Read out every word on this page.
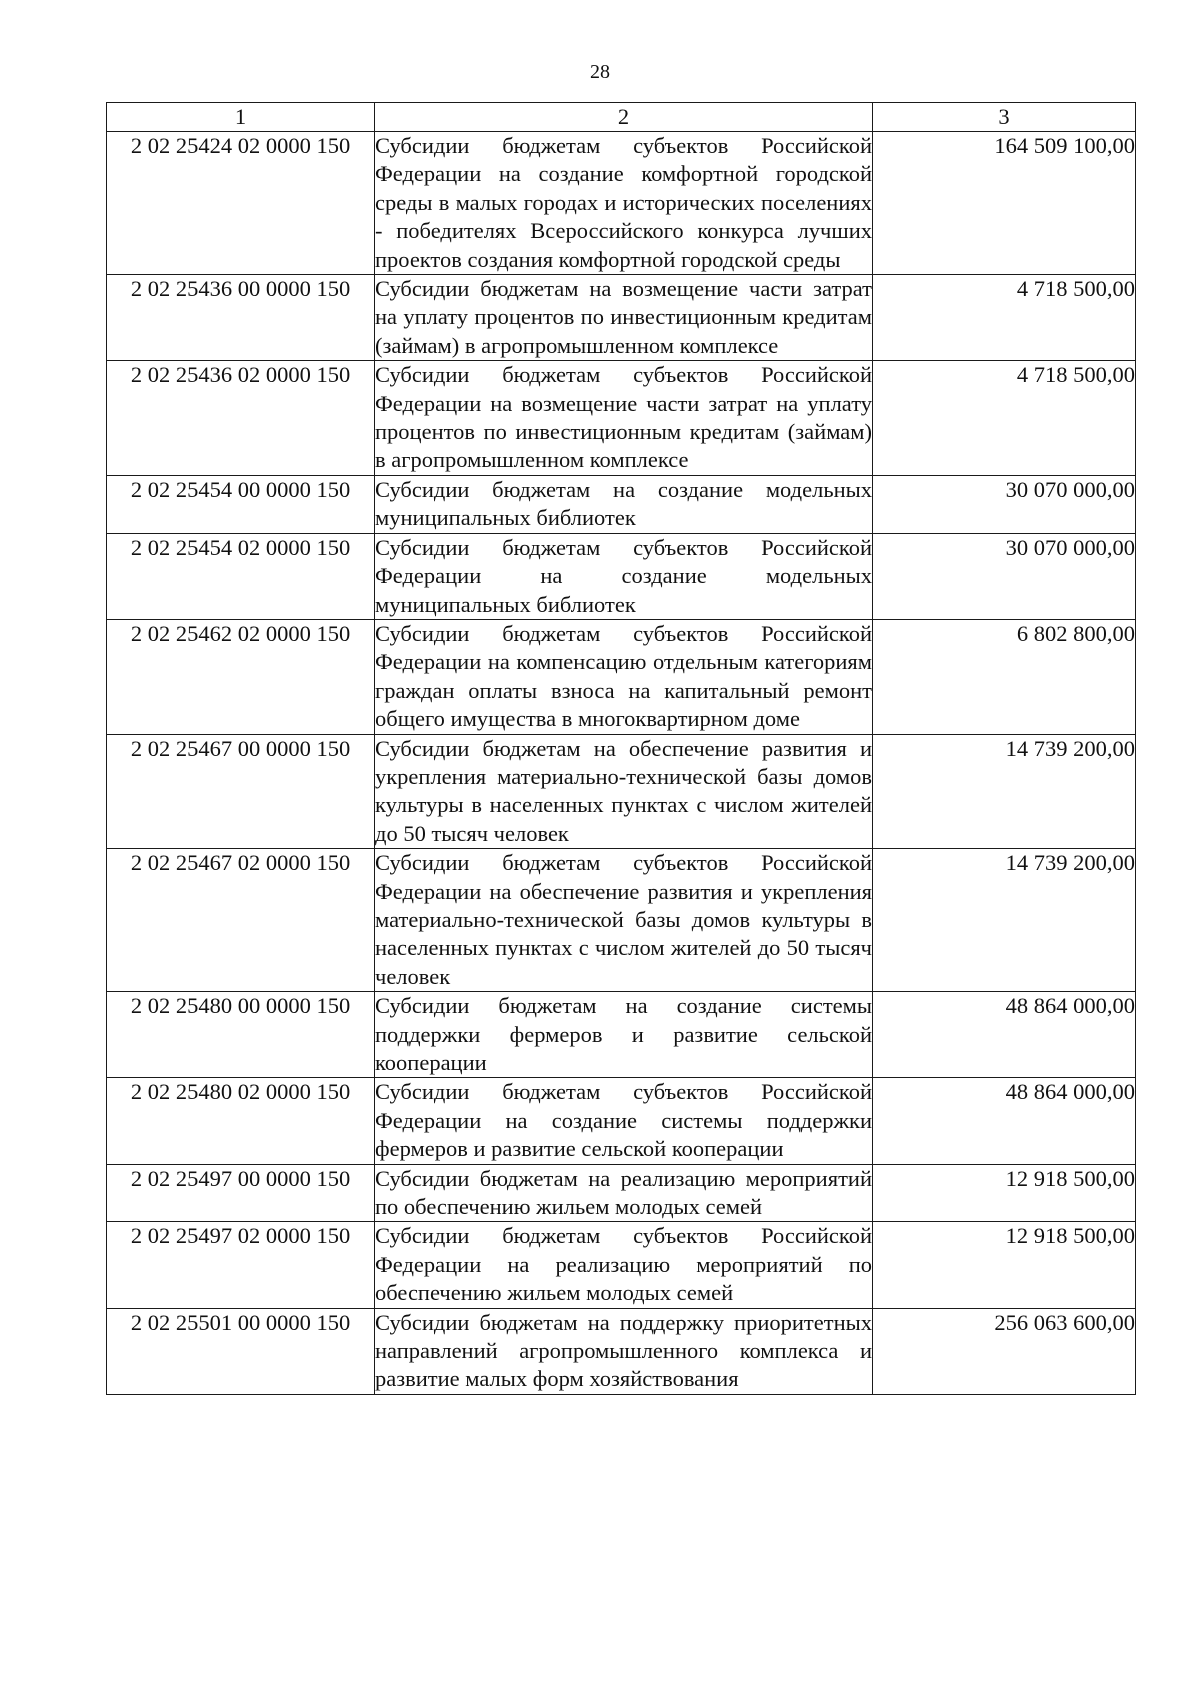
28
1	2	3
2 02 25424 02 0000 150	Субсидии бюджетам субъектов Российской Федерации на создание комфортной городской среды в малых городах и исторических поселениях - победителях Всероссийского конкурса лучших проектов создания комфортной городской среды	164 509 100,00
2 02 25436 00 0000 150	Субсидии бюджетам на возмещение части затрат на уплату процентов по инвестиционным кредитам (займам) в агропромышленном комплексе	4 718 500,00
2 02 25436 02 0000 150	Субсидии бюджетам субъектов Российской Федерации на возмещение части затрат на уплату процентов по инвестиционным кредитам (займам) в агропромышленном комплексе	4 718 500,00
2 02 25454 00 0000 150	Субсидии бюджетам на создание модельных муниципальных библиотек	30 070 000,00
2 02 25454 02 0000 150	Субсидии бюджетам субъектов Российской Федерации на создание модельных муниципальных библиотек	30 070 000,00
2 02 25462 02 0000 150	Субсидии бюджетам субъектов Российской Федерации на компенсацию отдельным категориям граждан оплаты взноса на капитальный ремонт общего имущества в многоквартирном доме	6 802 800,00
2 02 25467 00 0000 150	Субсидии бюджетам на обеспечение развития и укрепления материально-технической базы домов культуры в населенных пунктах с числом жителей до 50 тысяч человек	14 739 200,00
2 02 25467 02 0000 150	Субсидии бюджетам субъектов Российской Федерации на обеспечение развития и укрепления материально-технической базы домов культуры в населенных пунктах с числом жителей до 50 тысяч человек	14 739 200,00
2 02 25480 00 0000 150	Субсидии бюджетам на создание системы поддержки фермеров и развитие сельской кооперации	48 864 000,00
2 02 25480 02 0000 150	Субсидии бюджетам субъектов Российской Федерации на создание системы поддержки фермеров и развитие сельской кооперации	48 864 000,00
2 02 25497 00 0000 150	Субсидии бюджетам на реализацию мероприятий по обеспечению жильем молодых семей	12 918 500,00
2 02 25497 02 0000 150	Субсидии бюджетам субъектов Российской Федерации на реализацию мероприятий по обеспечению жильем молодых семей	12 918 500,00
2 02 25501 00 0000 150	Субсидии бюджетам на поддержку приоритетных направлений агропромышленного комплекса и развитие малых форм хозяйствования	256 063 600,00
